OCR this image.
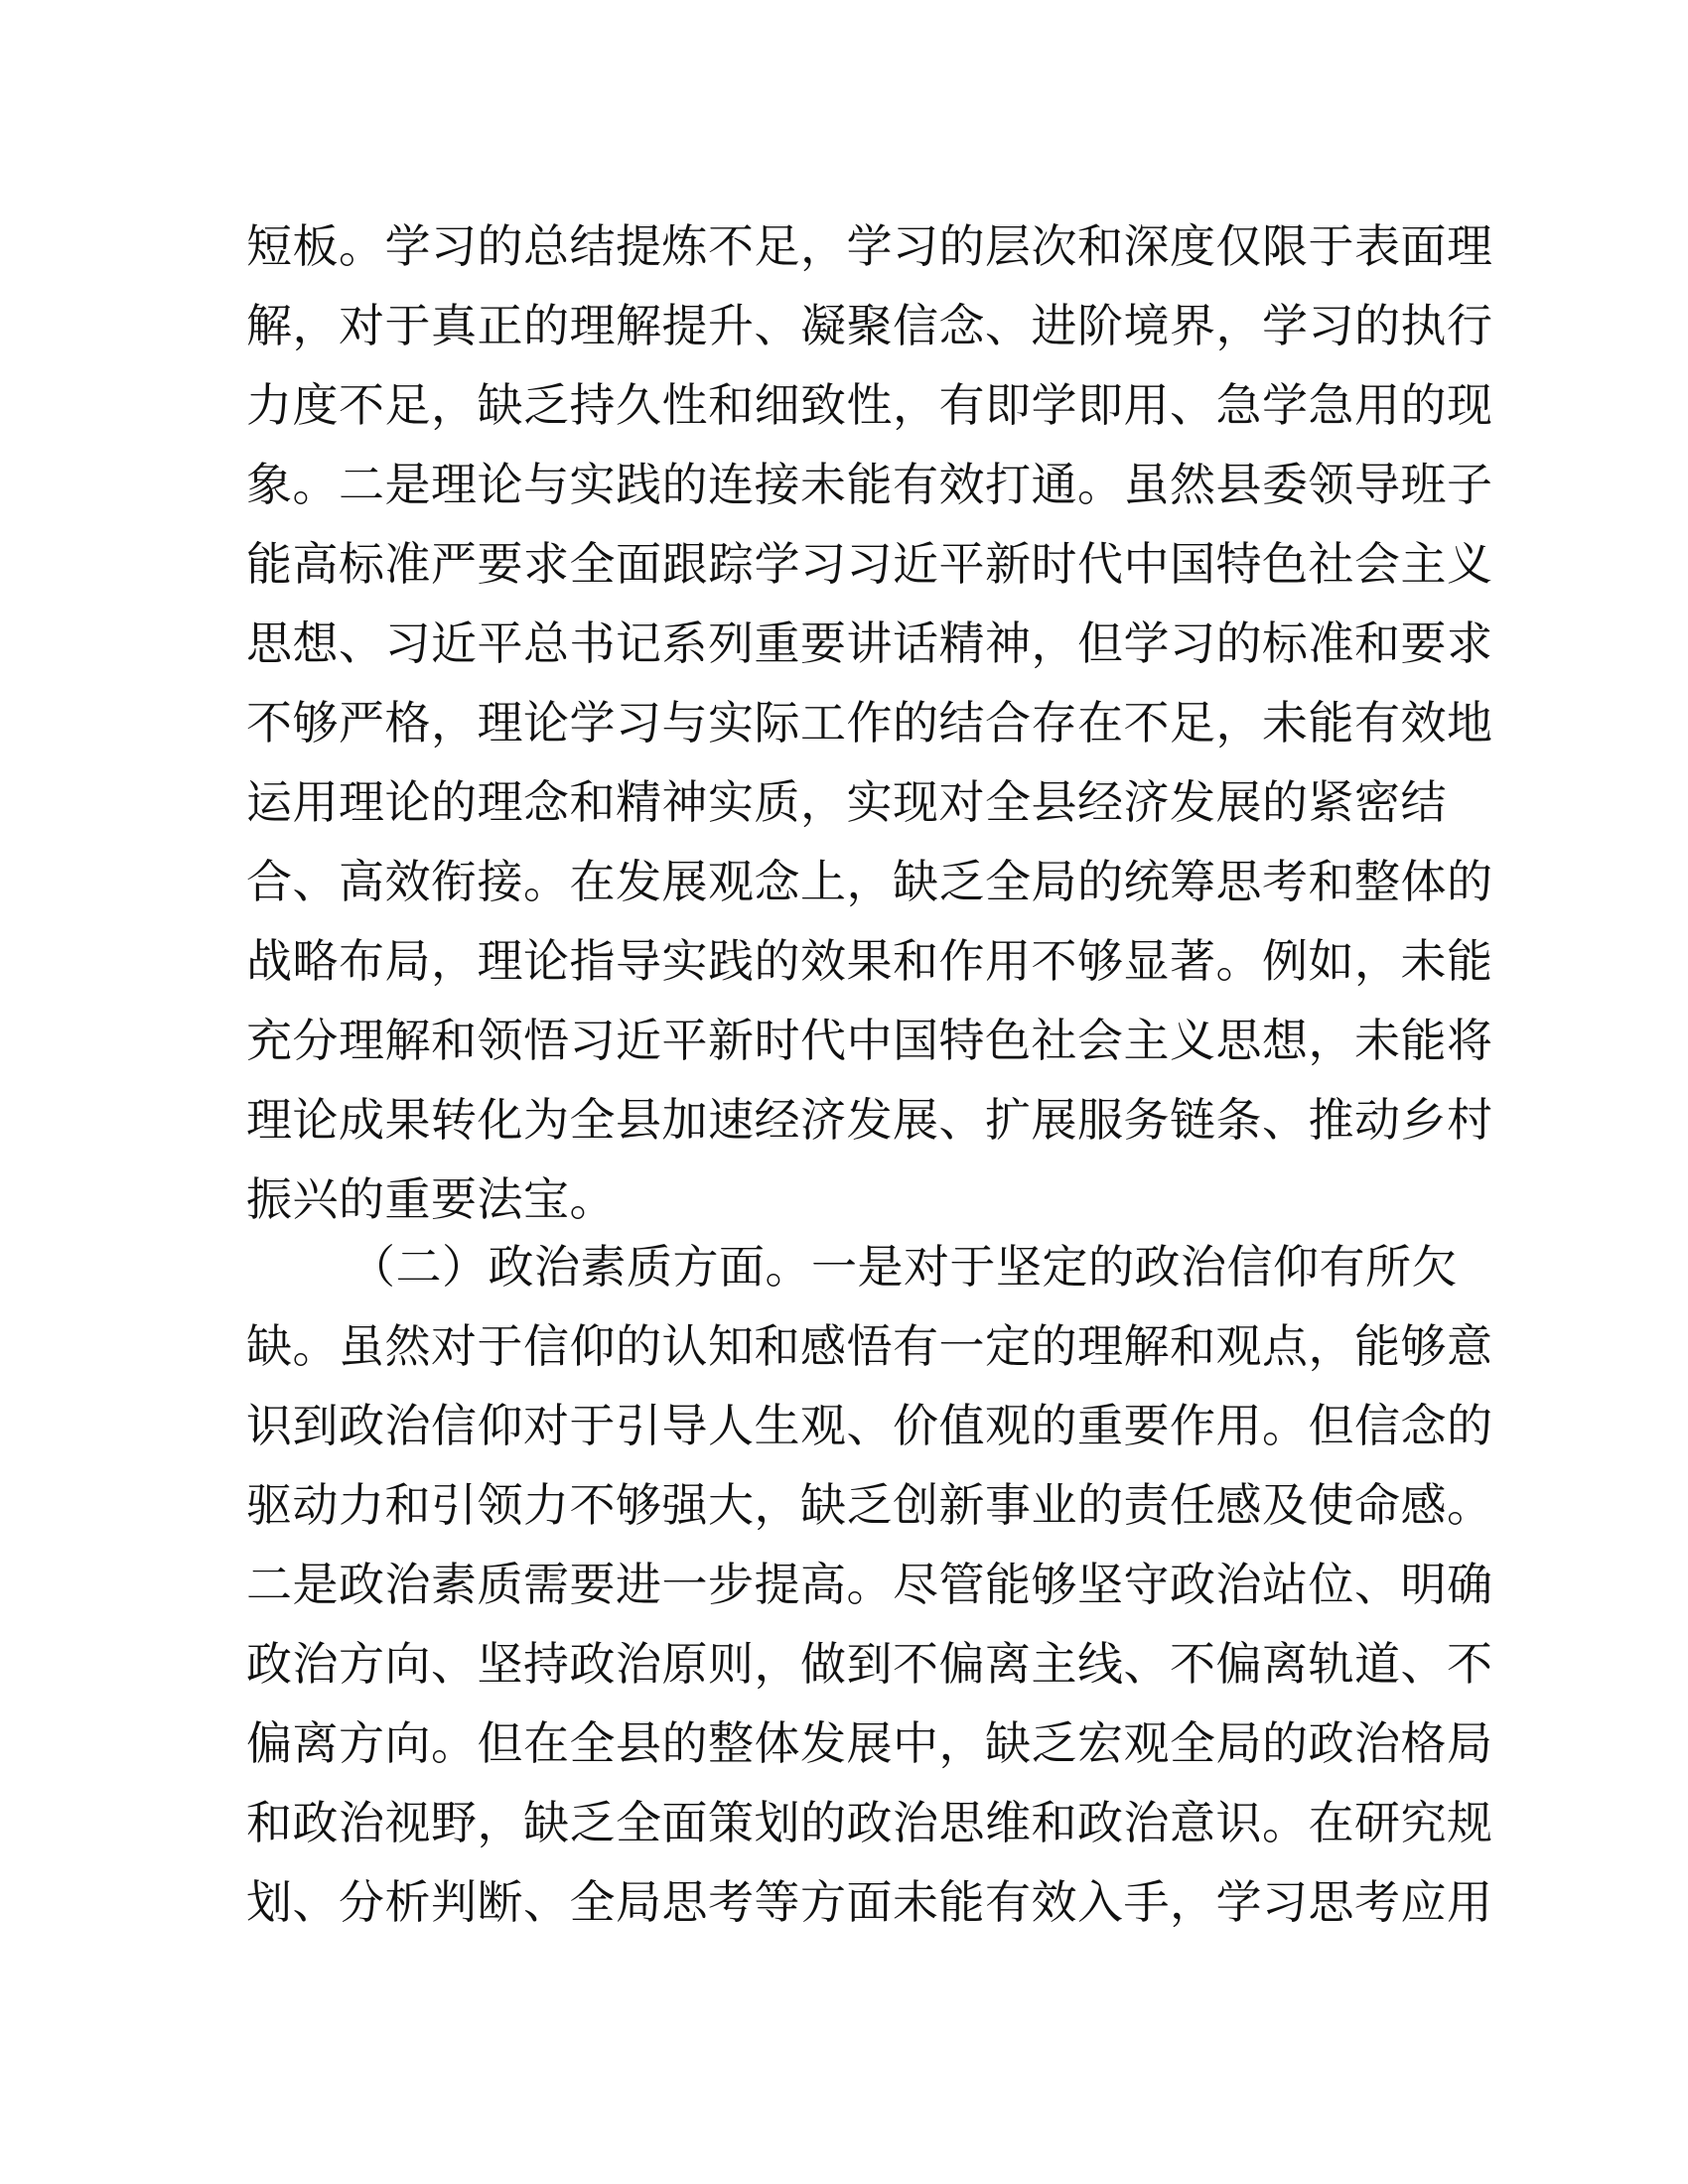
短板。学习的总结提炼不足，学习的层次和深度仅限于表面理
解，对于真正的理解提升、凝聚信念、进阶境界，学习的执行
力度不足，缺乏持久性和细致性，有即学即用、急学急用的现
象。二是理论与实践的连接未能有效打通。虽然县委领导班子
能高标准严要求全面跟踪学习习近平新时代中国特色社会主义
思想、习近平总书记系列重要讲话精神，但学习的标准和要求
不够严格，理论学习与实际工作的结合存在不足，未能有效地
运用理论的理念和精神实质，实现对全县经济发展的紧密结
合、高效衔接。在发展观念上，缺乏全局的统筹思考和整体的
战略布局，理论指导实践的效果和作用不够显著。例如，未能
充分理解和领悟习近平新时代中国特色社会主义思想，未能将
理论成果转化为全县加速经济发展、扩展服务链条、推动乡村
振兴的重要法宝。
（二）政治素质方面。一是对于坚定的政治信仰有所欠
缺。虽然对于信仰的认知和感悟有一定的理解和观点，能够意
识到政治信仰对于引导人生观、价值观的重要作用。但信念的
驱动力和引领力不够强大，缺乏创新事业的责任感及使命感。
二是政治素质需要进一步提高。尽管能够坚守政治站位、明确
政治方向、坚持政治原则，做到不偏离主线、不偏离轨道、不
偏离方向。但在全县的整体发展中，缺乏宏观全局的政治格局
和政治视野，缺乏全面策划的政治思维和政治意识。在研究规
划、分析判断、全局思考等方面未能有效入手，学习思考应用
